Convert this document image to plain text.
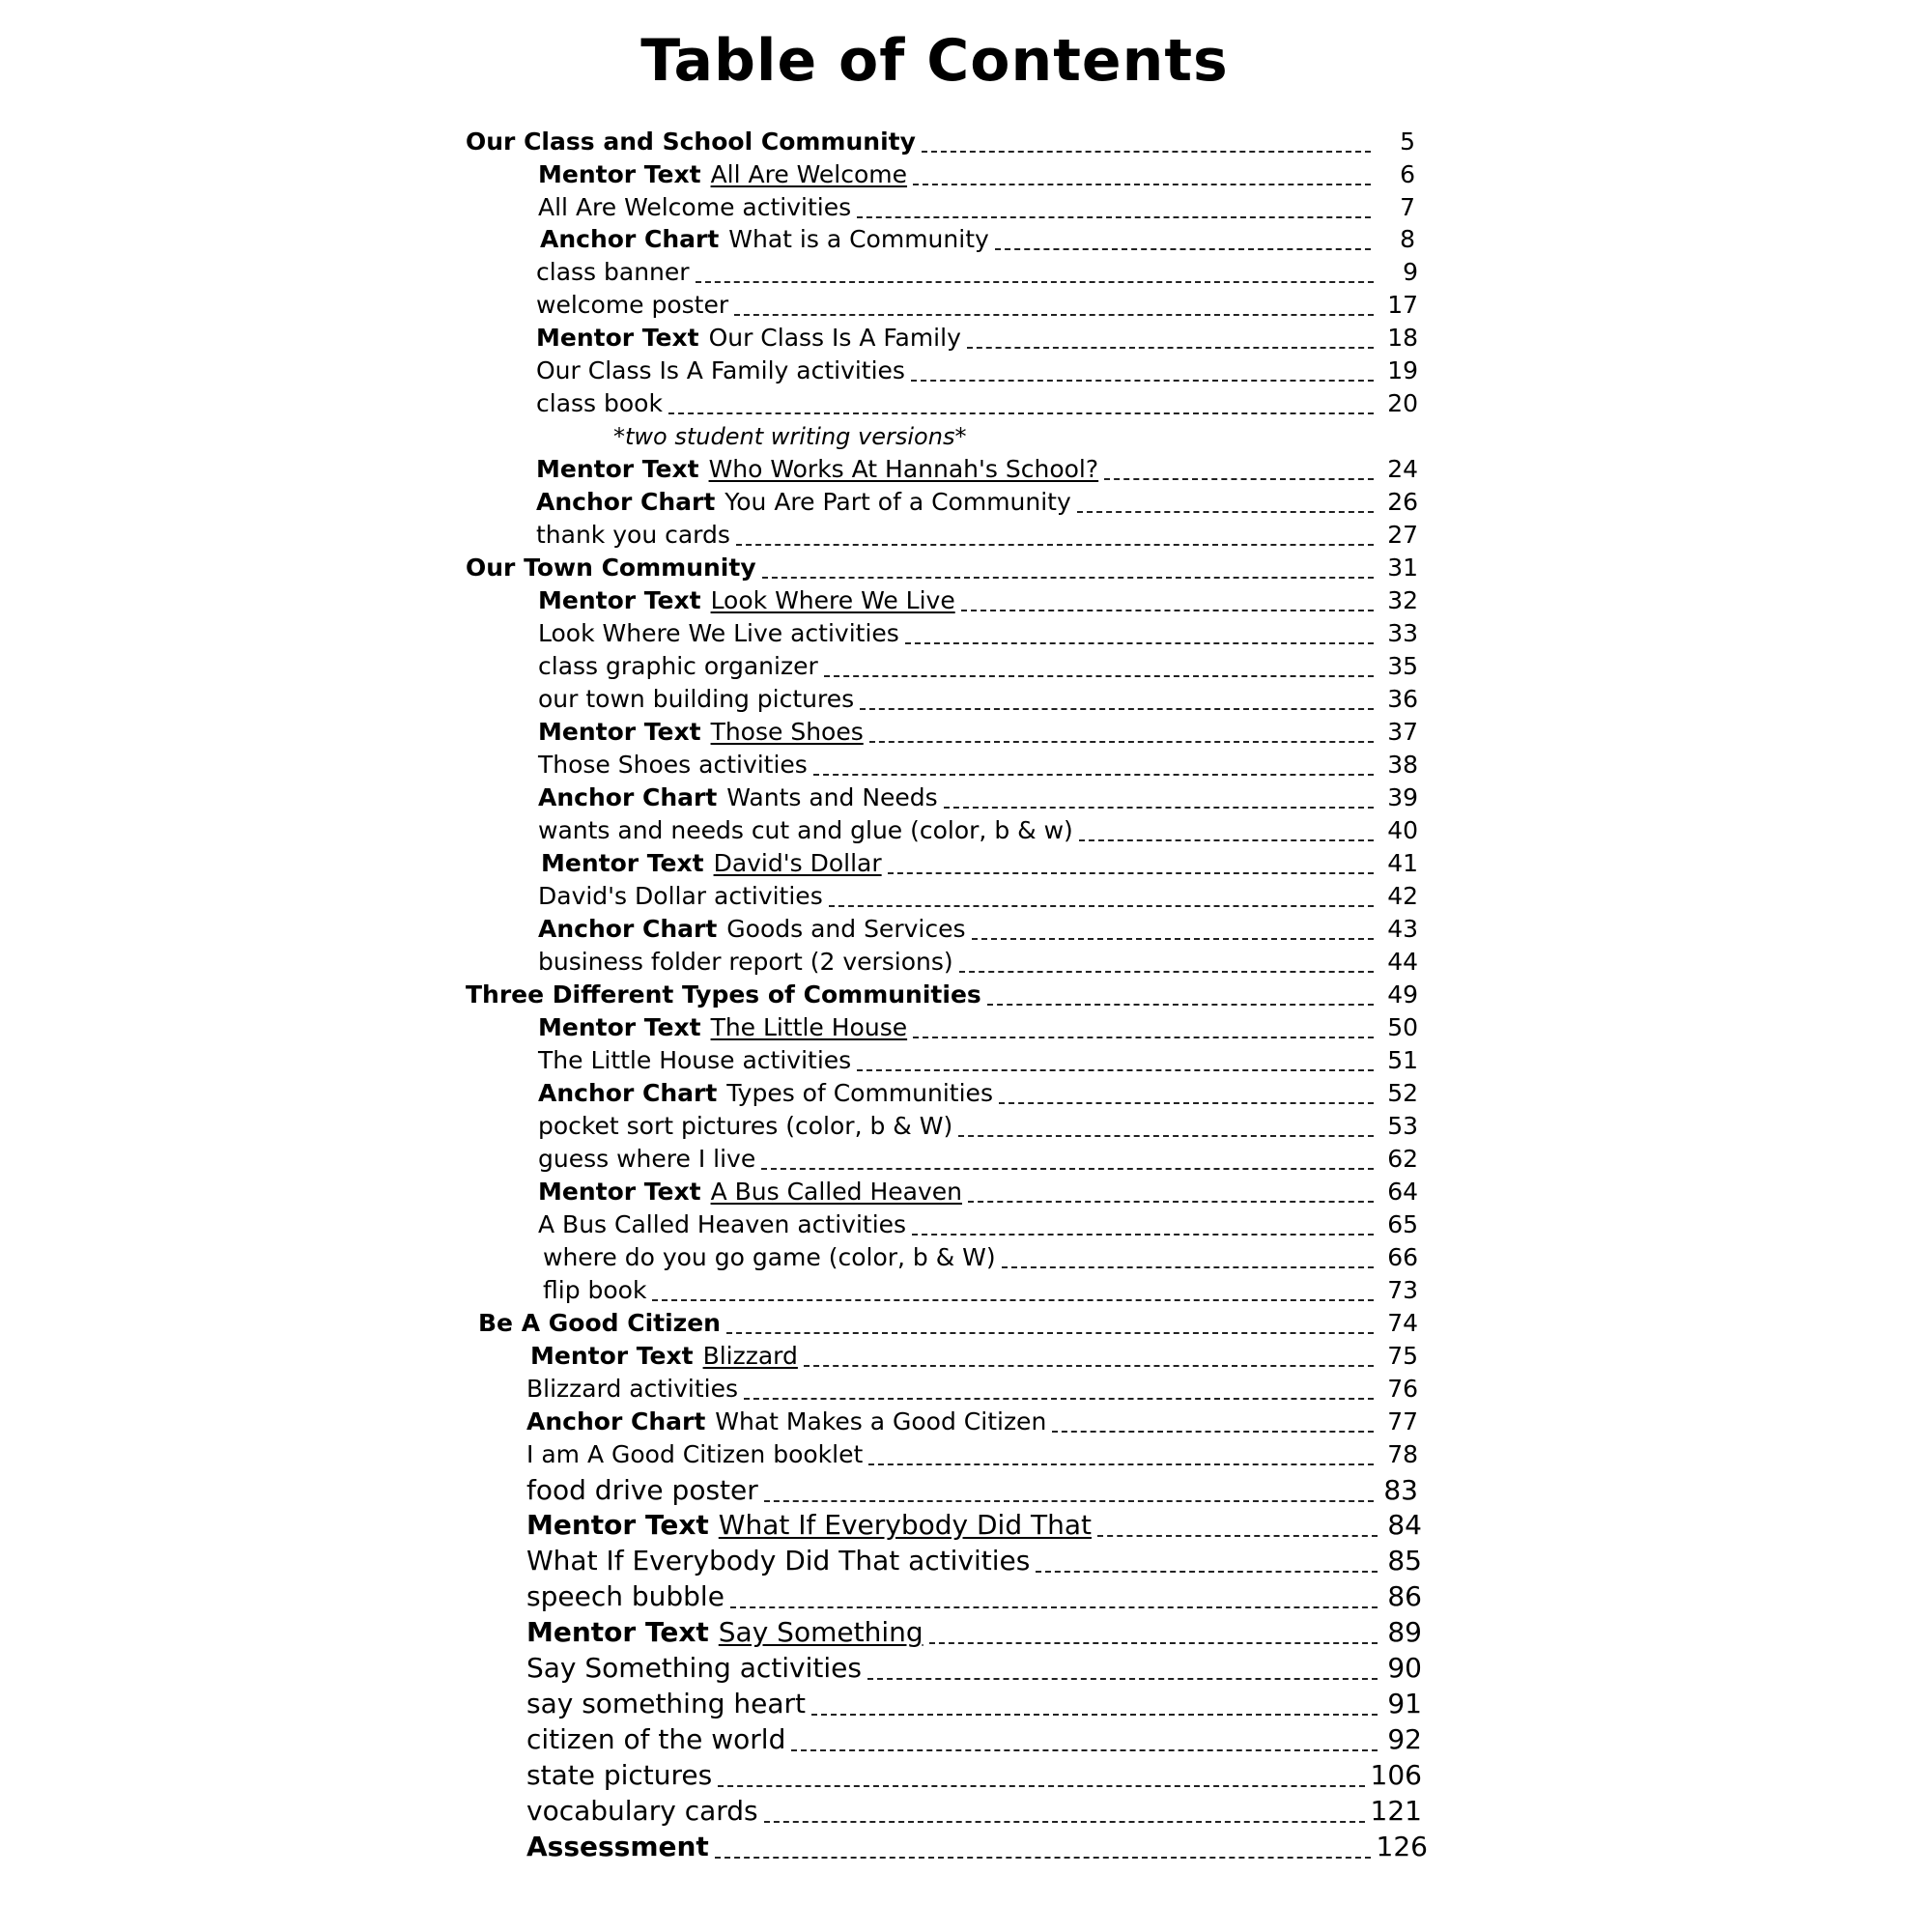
Table of Contents
Our Class and School Community	5
Mentor Text All Are Welcome	6
All Are Welcome activities	7
Anchor Chart What is a Community	8
class banner	9
welcome poster	17
Mentor Text Our Class Is A Family	18
Our Class Is A Family activities	19
class book	20
Mentor Text Who Works At Hannah's School?	24
Anchor Chart You Are Part of a Community	26
thank you cards	27
Our Town Community	31
Mentor Text Look Where We Live	32
Look Where We Live activities	33
class graphic organizer	35
our town building pictures	36
Mentor Text Those Shoes	37
Those Shoes activities	38
Anchor Chart Wants and Needs	39
wants and needs cut and glue (color, b & w)	40
Mentor Text David's Dollar	41
David's Dollar activities	42
Anchor Chart Goods and Services	43
business folder report (2 versions)	44
Three Different Types of Communities	49
Mentor Text The Little House	50
The Little House activities	51
Anchor Chart Types of Communities	52
pocket sort pictures (color, b & W)	53
guess where I live	62
Mentor Text A Bus Called Heaven	64
A Bus Called Heaven activities	65
where do you go game (color, b & W)	66
flip book	73
Be A Good Citizen	74
Mentor Text Blizzard	75
Blizzard activities	76
Anchor Chart What Makes a Good Citizen	77
I am A Good Citizen booklet	78
food drive poster	83
Mentor Text What If Everybody Did That	84
What If Everybody Did That activities	85
speech bubble	86
Mentor Text Say Something	89
Say Something activities	90
say something heart	91
citizen of the world	92
state pictures	106
vocabulary cards	121
Assessment	126
*two student writing versions*
